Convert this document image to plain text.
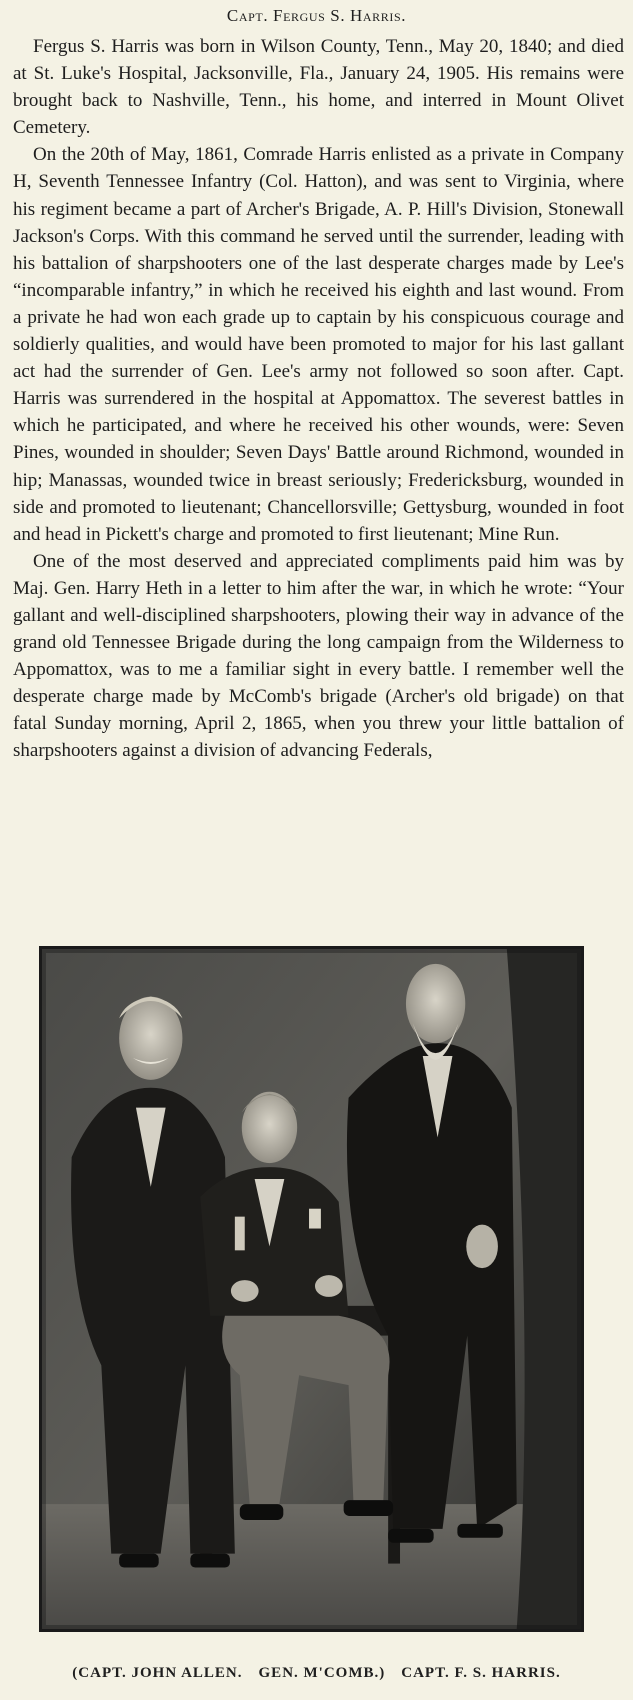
Capt. Fergus S. Harris.

Fergus S. Harris was born in Wilson County, Tenn., May 20, 1840; and died at St. Luke's Hospital, Jacksonville, Fla., January 24, 1905. His remains were brought back to Nashville, Tenn., his home, and interred in Mount Olivet Cemetery.

On the 20th of May, 1861, Comrade Harris enlisted as a private in Company H, Seventh Tennessee Infantry (Col. Hatton), and was sent to Virginia, where his regiment became a part of Archer's Brigade, A. P. Hill's Division, Stonewall Jackson's Corps. With this command he served until the surrender, leading with his battalion of sharpshooters one of the last desperate charges made by Lee's “incomparable infantry,” in which he received his eighth and last wound. From a private he had won each grade up to captain by his conspicuous courage and soldierly qualities, and would have been promoted to major for his last gallant act had the surrender of Gen. Lee's army not followed so soon after. Capt. Harris was surrendered in the hospital at Appomattox. The severest battles in which he participated, and where he received his other wounds, were: Seven Pines, wounded in shoulder; Seven Days' Battle around Richmond, wounded in hip; Manassas, wounded twice in breast seriously; Fredericksburg, wounded in side and promoted to lieutenant; Chancellorsville; Gettysburg, wounded in foot and head in Pickett's charge and promoted to first lieutenant; Mine Run.

One of the most deserved and appreciated compliments paid him was by Maj. Gen. Harry Heth in a letter to him after the war, in which he wrote: “Your gallant and well-disciplined sharpshooters, plowing their way in advance of the grand old Tennessee Brigade during the long campaign from the Wilderness to Appomattox, was to me a familiar sight in every battle. I remember well the desperate charge made by McComb's brigade (Archer's old brigade) on that fatal Sunday morning, April 2, 1865, when you threw your little battalion of sharpshooters against a division of advancing Federals,

(CAPT. JOHN ALLEN. GEN. M'COMB.) CAPT. F. S. HARRIS.
